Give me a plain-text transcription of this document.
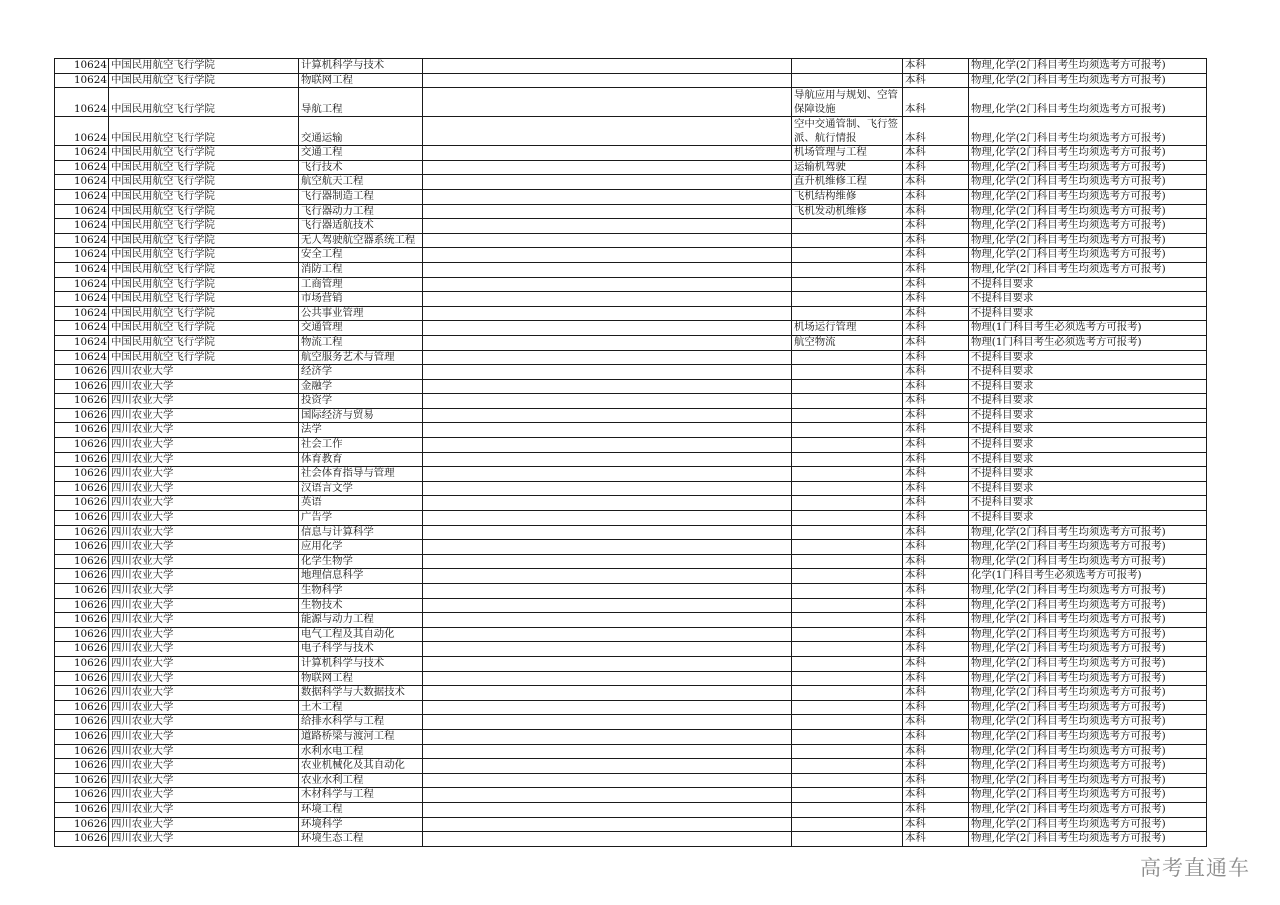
10624	中国民用航空飞行学院	计算机科学与技术			本科	物理,化学(2门科目考生均须选考方可报考)
10624	中国民用航空飞行学院	物联网工程			本科	物理,化学(2门科目考生均须选考方可报考)
10624	中国民用航空飞行学院	导航工程		导航应用与规划、空管保障设施	本科	物理,化学(2门科目考生均须选考方可报考)
10624	中国民用航空飞行学院	交通运输		空中交通管制、飞行签派、航行情报	本科	物理,化学(2门科目考生均须选考方可报考)
10624	中国民用航空飞行学院	交通工程		机场管理与工程	本科	物理,化学(2门科目考生均须选考方可报考)
10624	中国民用航空飞行学院	飞行技术		运输机驾驶	本科	物理,化学(2门科目考生均须选考方可报考)
10624	中国民用航空飞行学院	航空航天工程		直升机维修工程	本科	物理,化学(2门科目考生均须选考方可报考)
10624	中国民用航空飞行学院	飞行器制造工程		飞机结构维修	本科	物理,化学(2门科目考生均须选考方可报考)
10624	中国民用航空飞行学院	飞行器动力工程		飞机发动机维修	本科	物理,化学(2门科目考生均须选考方可报考)
10624	中国民用航空飞行学院	飞行器适航技术			本科	物理,化学(2门科目考生均须选考方可报考)
10624	中国民用航空飞行学院	无人驾驶航空器系统工程			本科	物理,化学(2门科目考生均须选考方可报考)
10624	中国民用航空飞行学院	安全工程			本科	物理,化学(2门科目考生均须选考方可报考)
10624	中国民用航空飞行学院	消防工程			本科	物理,化学(2门科目考生均须选考方可报考)
10624	中国民用航空飞行学院	工商管理			本科	不提科目要求
10624	中国民用航空飞行学院	市场营销			本科	不提科目要求
10624	中国民用航空飞行学院	公共事业管理			本科	不提科目要求
10624	中国民用航空飞行学院	交通管理		机场运行管理	本科	物理(1门科目考生必须选考方可报考)
10624	中国民用航空飞行学院	物流工程		航空物流	本科	物理(1门科目考生必须选考方可报考)
10624	中国民用航空飞行学院	航空服务艺术与管理			本科	不提科目要求
10626	四川农业大学	经济学			本科	不提科目要求
10626	四川农业大学	金融学			本科	不提科目要求
10626	四川农业大学	投资学			本科	不提科目要求
10626	四川农业大学	国际经济与贸易			本科	不提科目要求
10626	四川农业大学	法学			本科	不提科目要求
10626	四川农业大学	社会工作			本科	不提科目要求
10626	四川农业大学	体育教育			本科	不提科目要求
10626	四川农业大学	社会体育指导与管理			本科	不提科目要求
10626	四川农业大学	汉语言文学			本科	不提科目要求
10626	四川农业大学	英语			本科	不提科目要求
10626	四川农业大学	广告学			本科	不提科目要求
10626	四川农业大学	信息与计算科学			本科	物理,化学(2门科目考生均须选考方可报考)
10626	四川农业大学	应用化学			本科	物理,化学(2门科目考生均须选考方可报考)
10626	四川农业大学	化学生物学			本科	物理,化学(2门科目考生均须选考方可报考)
10626	四川农业大学	地理信息科学			本科	化学(1门科目考生必须选考方可报考)
10626	四川农业大学	生物科学			本科	物理,化学(2门科目考生均须选考方可报考)
10626	四川农业大学	生物技术			本科	物理,化学(2门科目考生均须选考方可报考)
10626	四川农业大学	能源与动力工程			本科	物理,化学(2门科目考生均须选考方可报考)
10626	四川农业大学	电气工程及其自动化			本科	物理,化学(2门科目考生均须选考方可报考)
10626	四川农业大学	电子科学与技术			本科	物理,化学(2门科目考生均须选考方可报考)
10626	四川农业大学	计算机科学与技术			本科	物理,化学(2门科目考生均须选考方可报考)
10626	四川农业大学	物联网工程			本科	物理,化学(2门科目考生均须选考方可报考)
10626	四川农业大学	数据科学与大数据技术			本科	物理,化学(2门科目考生均须选考方可报考)
10626	四川农业大学	土木工程			本科	物理,化学(2门科目考生均须选考方可报考)
10626	四川农业大学	给排水科学与工程			本科	物理,化学(2门科目考生均须选考方可报考)
10626	四川农业大学	道路桥梁与渡河工程			本科	物理,化学(2门科目考生均须选考方可报考)
10626	四川农业大学	水利水电工程			本科	物理,化学(2门科目考生均须选考方可报考)
10626	四川农业大学	农业机械化及其自动化			本科	物理,化学(2门科目考生均须选考方可报考)
10626	四川农业大学	农业水利工程			本科	物理,化学(2门科目考生均须选考方可报考)
10626	四川农业大学	木材科学与工程			本科	物理,化学(2门科目考生均须选考方可报考)
10626	四川农业大学	环境工程			本科	物理,化学(2门科目考生均须选考方可报考)
10626	四川农业大学	环境科学			本科	物理,化学(2门科目考生均须选考方可报考)
10626	四川农业大学	环境生态工程			本科	物理,化学(2门科目考生均须选考方可报考)
高考直通车
